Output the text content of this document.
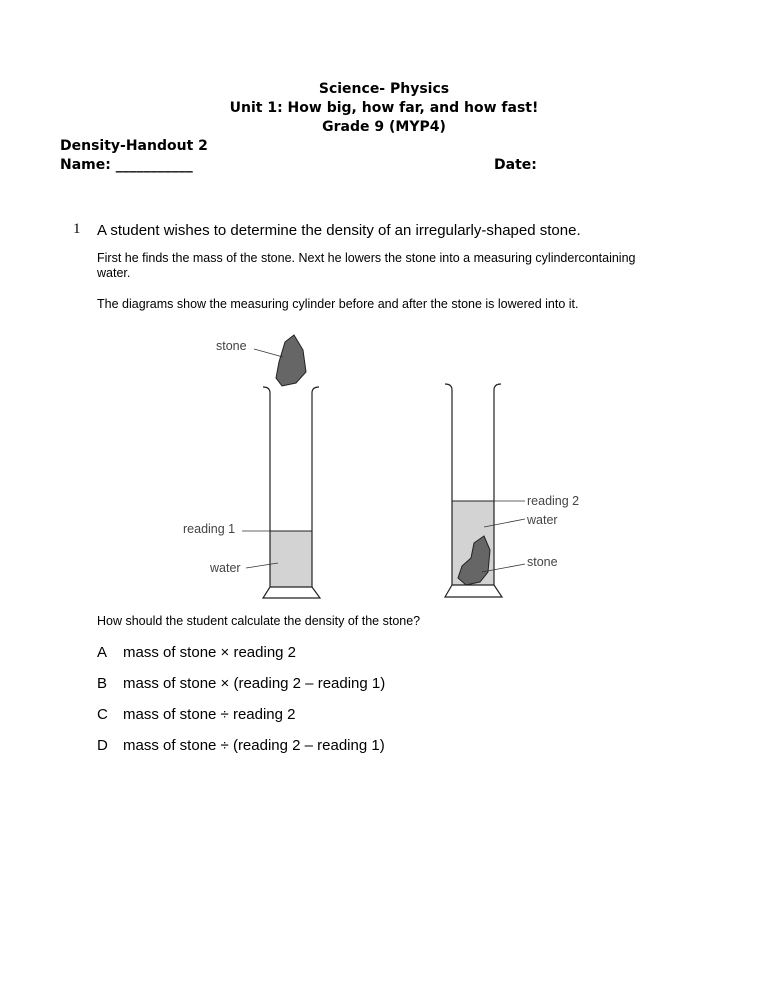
Science- Physics
Unit 1: How big, how far, and how fast!
Grade 9 (MYP4)
Density-Handout 2
Name: ___________	Date:
1 A student wishes to determine the density of an irregularly-shaped stone.
First he finds the mass of the stone. Next he lowers the stone into a measuring cylindercontaining
water.
The diagrams show the measuring cylinder before and after the stone is lowered into it.
stone
reading 1
water
reading 2
water
stone
How should the student calculate the density of the stone?
A mass of stone × reading 2
B mass of stone × (reading 2 – reading 1)
C mass of stone ÷ reading 2
D mass of stone ÷ (reading 2 – reading 1)
